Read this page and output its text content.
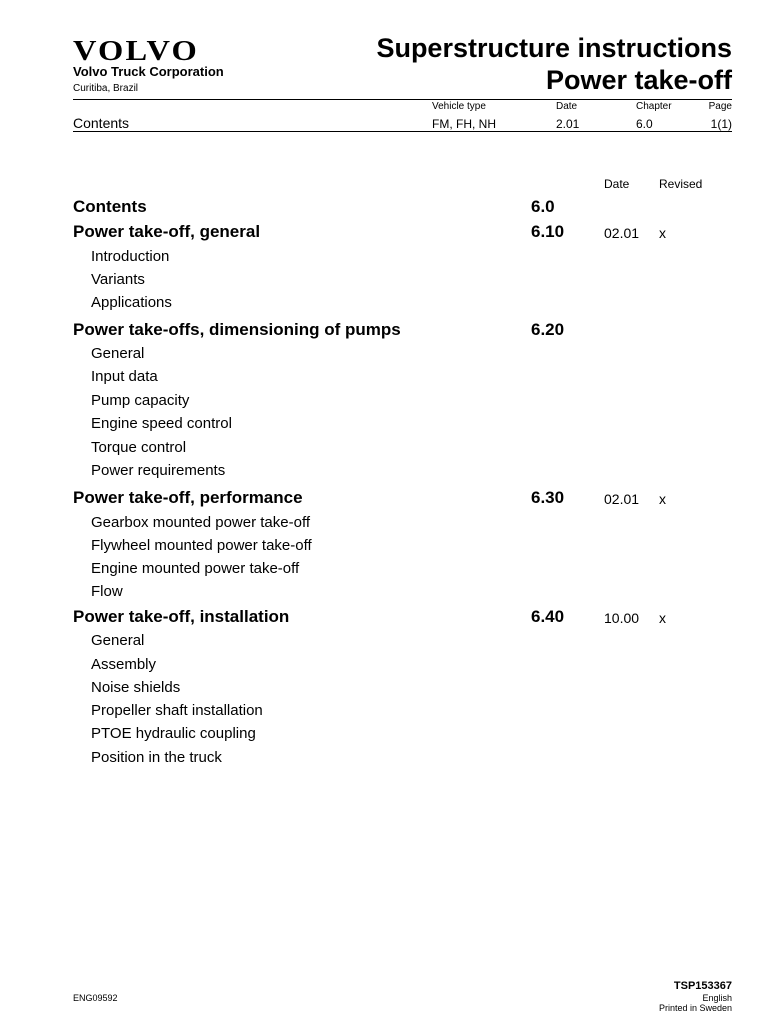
VOLVO
Volvo Truck Corporation
Curitiba, Brazil
Superstructure instructions
Power take-off
Vehicle type	Date	Chapter	Page
Contents	FM, FH, NH	2.01	6.0	1(1)
Date Revised
Contents	6.0
Power take-off, general	6.10	02.01 x
Introduction
Variants
Applications
Power take-offs, dimensioning of pumps	6.20
General
Input data
Pump capacity
Engine speed control
Torque control
Power requirements
Power take-off, performance	6.30	02.01 x
Gearbox mounted power take-off
Flywheel mounted power take-off
Engine mounted power take-off
Flow
Power take-off, installation	6.40	10.00 x
General
Assembly
Noise shields
Propeller shaft installation
PTOE hydraulic coupling
Position in the truck
ENG09592
TSP153367
English
Printed in Sweden
